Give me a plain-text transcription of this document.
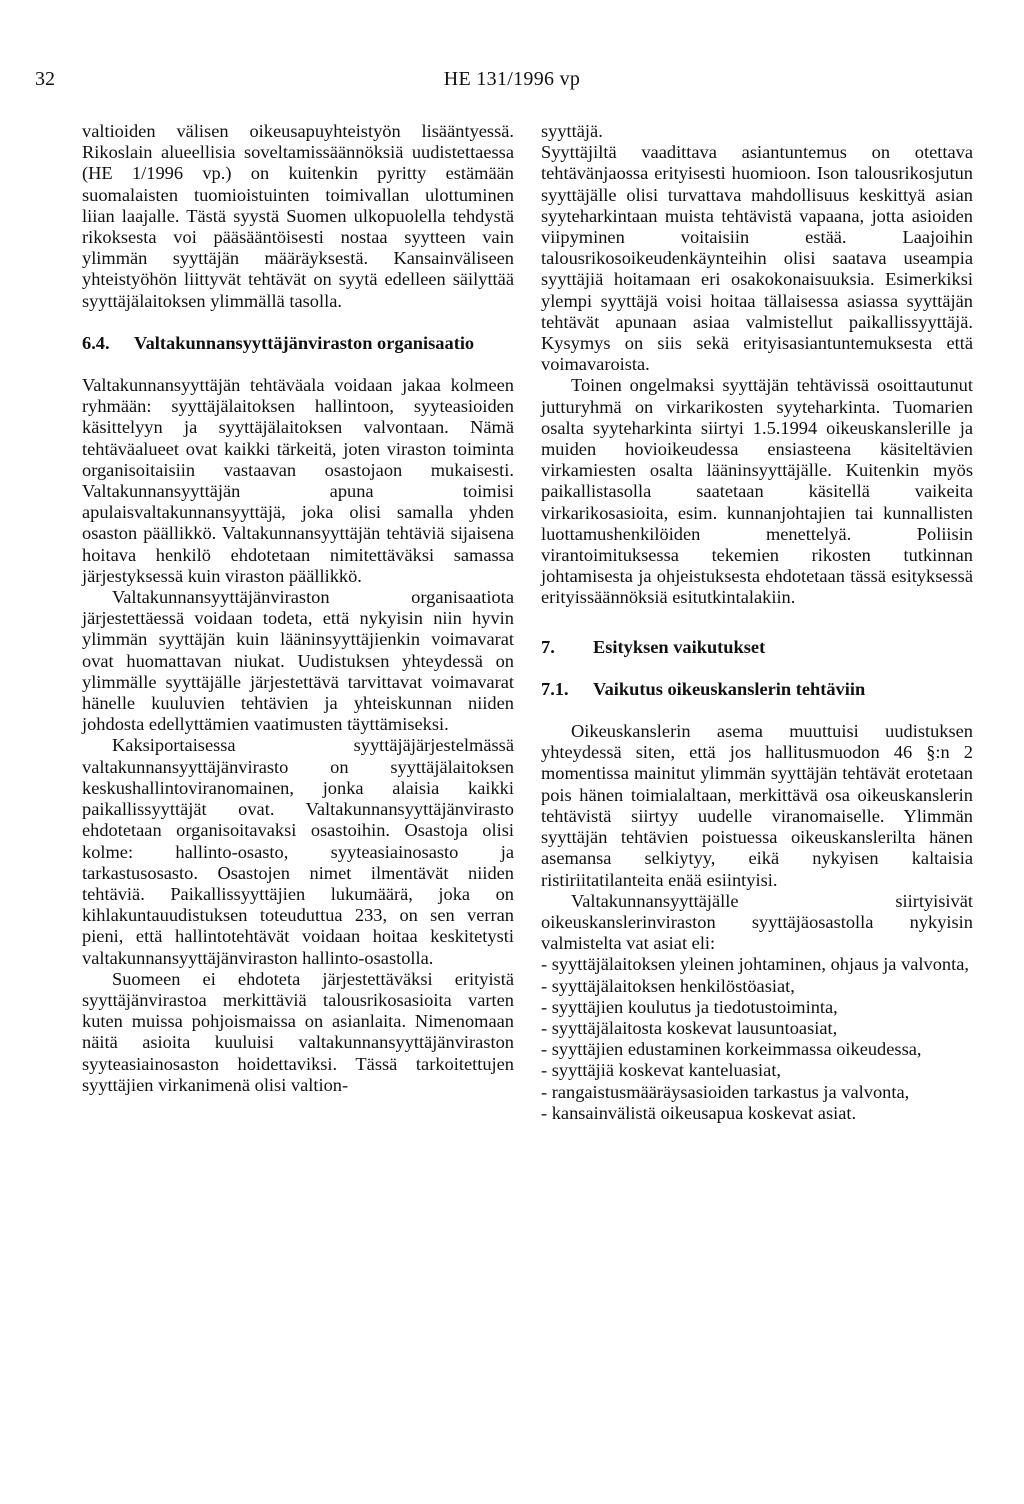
32	HE 131/1996 vp

valtioiden välisen oikeusapuyhteistyön lisääntyessä. Rikoslain alueellisia soveltamissäännöksiä uudistettaessa (HE 1/1996 vp.) on kuitenkin pyritty estämään suomalaisten tuomioistuinten toimivallan ulottuminen liian laajalle. Tästä syystä Suomen ulkopuolella tehdystä rikoksesta voi pääsääntöisesti nostaa syytteen vain ylimmän syyttäjän määräyksestä. Kansainväliseen yhteistyöhön liittyvät tehtävät on syytä edelleen säilyttää syyttäjälaitoksen ylimmällä tasolla.

6.4.	Valtakunnansyyttäjänviraston organisaatio

Valtakunnansyyttäjän tehtäväala voidaan jakaa kolmeen ryhmään: syyttäjälaitoksen hallintoon, syyteasioiden käsittelyyn ja syyttäjälaitoksen valvontaan. Nämä tehtäväalueet ovat kaikki tärkeitä, joten viraston toiminta organisoitaisiin vastaavan osastojaon mukaisesti. Valtakunnansyyttäjän apuna toimisi apulaisvaltakunnansyyttäjä, joka olisi samalla yhden osaston päällikkö. Valtakunnansyyttäjän tehtäviä sijaisena hoitava henkilö ehdotetaan nimitettäväksi samassa järjestyksessä kuin viraston päällikkö.

Valtakunnansyyttäjänviraston organisaatiota järjestettäessä voidaan todeta, että nykyisin niin hyvin ylimmän syyttäjän kuin lääninsyyttäjienkin voimavarat ovat huomattavan niukat. Uudistuksen yhteydessä on ylimmälle syyttäjälle järjestettävä tarvittavat voimavarat hänelle kuuluvien tehtävien ja yhteiskunnan niiden johdosta edellyttämien vaatimusten täyttämiseksi.

Kaksiportaisessa syyttäjäjärjestelmässä valtakunnansyyttäjänvirasto on syyttäjälaitoksen keskushallintoviranomainen, jonka alaisia kaikki paikallissyyttäjät ovat. Valtakunnansyyttäjänvirasto ehdotetaan organisoitavaksi osastoihin. Osastoja olisi kolme: hallinto-osasto, syyteasiainosasto ja tarkastusosasto. Osastojen nimet ilmentävät niiden tehtäviä. Paikallissyyttäjien lukumäärä, joka on kihlakuntauudistuksen toteuduttua 233, on sen verran pieni, että hallintotehtävät voidaan hoitaa keskitetysti valtakunnansyyttäjänviraston hallinto-osastolla.

Suomeen ei ehdoteta järjestettäväksi erityistä syyttäjänvirastoa merkittäviä talousrikosasioita varten kuten muissa pohjoismaissa on asianlaita. Nimenomaan näitä asioita kuuluisi valtakunnansyyttäjänviraston syyteasiainosaston hoidettaviksi. Tässä tarkoitettujen syyttäjien virkanimenä olisi valtion-

syyttäjä.

Syyttäjiltä vaadittava asiantuntemus on otettava tehtävänjaossa erityisesti huomioon. Ison talousrikosjutun syyttäjälle olisi turvattava mahdollisuus keskittyä asian syyteharkintaan muista tehtävistä vapaana, jotta asioiden viipyminen voitaisiin estää. Laajoihin talousrikosoikeudenkäynteihin olisi saatava useampia syyttäjiä hoitamaan eri osakokonaisuuksia. Esimerkiksi ylempi syyttäjä voisi hoitaa tällaisessa asiassa syyttäjän tehtävät apunaan asiaa valmistellut paikallissyyttäjä. Kysymys on siis sekä erityisasiantuntemuksesta että voimavaroista.

Toinen ongelmaksi syyttäjän tehtävissä osoittautunut jutturyhmä on virkarikosten syyteharkinta. Tuomarien osalta syyteharkinta siirtyi 1.5.1994 oikeuskanslerille ja muiden hovioikeudessa ensiasteena käsiteltävien virkamiesten osalta lääninsyyttäjälle. Kuitenkin myös paikallistasolla saatetaan käsitellä vaikeita virkarikosasioita, esim. kunnanjohtajien tai kunnallisten luottamushenkilöiden menettelyä. Poliisin virantoimituksessa tekemien rikosten tutkinnan johtamisesta ja ohjeistuksesta ehdotetaan tässä esityksessä erityissäännöksiä esitutkintalakiin.

7.	Esityksen vaikutukset
7.1.	Vaikutus oikeuskanslerin tehtäviin

Oikeuskanslerin asema muuttuisi uudistuksen yhteydessä siten, että jos hallitusmuodon 46 §:n 2 momentissa mainitut ylimmän syyttäjän tehtävät erotetaan pois hänen toimialaltaan, merkittävä osa oikeuskanslerin tehtävistä siirtyy uudelle viranomaiselle. Ylimmän syyttäjän tehtävien poistuessa oikeuskanslerilta hänen asemansa selkiytyy, eikä nykyisen kaltaisia ristiriitatilanteita enää esiintyisi.

Valtakunnansyyttäjälle siirtyisivät oikeuskanslerinviraston syyttäjäosastolla nykyisin valmistelta vat asiat eli:

- syyttäjälaitoksen yleinen johtaminen, ohjaus ja valvonta,
- syyttäjälaitoksen henkilöstöasiat,
- syyttäjien koulutus ja tiedotustoiminta,
- syyttäjälaitosta koskevat lausuntoasiat,
- syyttäjien edustaminen korkeimmassa oikeudessa,
- syyttäjiä koskevat kanteluasiat,
- rangaistusmääräysasioiden tarkastus ja valvonta,
- kansainvälistä oikeusapua koskevat asiat.
